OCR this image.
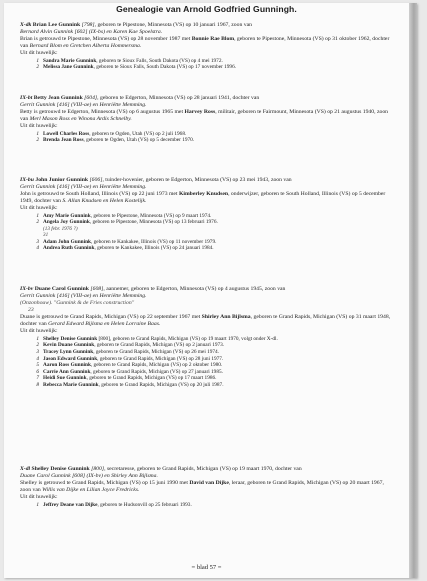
Genealogie van Arnold Godfried Gunningh.

X-dk Brian Lee Gunnink [798], geboren te Pipestone, Minnesota (VS) op 10 januari 1967, zoon van

Bernard Alvin Gunnink [602] (IX-bs) en Karen Kae Spoelstra.

Brian is getrouwd te Pipestone, Minnesota (VS) op 28 november 1987 met Bonnie Rae Blom, geboren te Pipestone, Minnesota (VS) op 31 oktober 1962, dochter van Bernard Blom en Gretchen Alberta Hommersma.

Uit dit huwelijk:

1 Sandra Marie Gunnink, geboren te Sioux Falls, South Dakota (VS) op 4 mei 1972.
2 Melissa Jane Gunnink, geboren te Sioux Falls, South Dakota (VS) op 17 november 1996.

IX-bt Betty Jean Gunnink [604], geboren te Edgerton, Minnesota (VS) op 28 januari 1941, dochter van

Gerrit Gunnink [416] (VIII-ae) en Henriëtte Memming.

Betty is getrouwd te Edgerton, Minnesota (VS) op 6 augustus 1965 met Harvey Ross, militair, geboren te Fairmount, Minnesota (VS) op 21 augustus 1940, zoon van Merl Mason Ross en Winona Ardis Schnelby.

Uit dit huwelijk:

1 Lowell Charles Ross, geboren te Ogden, Utah (VS) op 2 juli 1968.
2 Brenda Jean Ross, geboren te Ogden, Utah (VS) op 5 december 1970.

IX-bu John Junior Gunnink [606], tuinder-hovenier, geboren te Edgerton, Minnesota (VS) op 23 mei 1943, zoon van

Gerrit Gunnink [416] (VIII-ae) en Henriëtte Memming.

John is getrouwd te South Holland, Illinois (VS) op 22 juni 1973 met Kimberley Knudsen, onderwijzer, geboren te South Holland, Illinois (VS) op 5 december 1949, dochter van S. Allan Knudsen en Helen Kostelijk.

Uit dit huwelijk:

1 Amy Marie Gunnink, geboren te Pipestone, Minnesota (VS) op 9 maart 1974.
2 Angela Joy Gunnink, geboren te Pipestone, Minnesota (VS) op 13 februari 1976.
(13 febr. 1976 ?)
31
3 Adam John Gunnink, geboren te Kankakee, Illinois (VS) op 11 november 1979.
4 Andrea Ruth Gunnink, geboren te Kankakee, Illinois (VS) op 24 januari 1984.

IX-bv Duane Carol Gunnink [608], aannemer, geboren te Edgerton, Minnesota (VS) op 4 augustus 1945, zoon van

Gerrit Gunnink [416] (VIII-ae) en Henriëtte Memming.

(Onzonhouw). "Gunnink & de Fries construction"

23

Duane is getrouwd te Grand Rapids, Michigan (VS) op 22 september 1967 met Shirley Ann Bijlsma, geboren te Grand Rapids, Michigan (VS) op 31 maart 1948, dochter van Gerard Edward Bijlsma en Helen Lorraine Baas.

Uit dit huwelijk:

1 Shelley Denise Gunnink [800], geboren te Grand Rapids, Michigan (VS) op 19 maart 1970, volgt onder X-dl.
2 Kevin Duane Gunnink, geboren te Grand Rapids, Michigan (VS) op 2 januari 1973.
3 Tracey Lynn Gunnink, geboren te Grand Rapids, Michigan (VS) op 26 mei 1974.
4 Jason Edward Gunnink, geboren te Grand Rapids, Michigan (VS) op 28 juni 1977.
5 Aaron Ross Gunnink, geboren te Grand Rapids, Michigan (VS) op 2 oktober 1980.
6 Carrie Ann Gunnink, geboren te Grand Rapids, Michigan (VS) op 27 januari 1985.
7 Heidi Sue Gunnink, geboren te Grand Rapids, Michigan (VS) op 17 maart 1986.
8 Rebecca Marie Gunnink, geboren te Grand Rapids, Michigan (VS) op 20 juli 1987.

X-dl Shelley Denise Gunnink [800], secretaresse, geboren te Grand Rapids, Michigan (VS) op 19 maart 1970, dochter van

Duane Carol Gunnink [608] (IX-bv) en Shirley Ann Bijlsma.

Shelley is getrouwd te Grand Rapids, Michigan (VS) op 15 juni 1990 met David van Dijke, leraar, geboren te Grand Rapids, Michigan (VS) op 20 maart 1967, zoon van Willis van Dijke en Lilian Joyce Fredricks.

Uit dit huwelijk:

1 Jeffrey Deane van Dijke, geboren te Hudsonvill op 25 februari 1993.
= blad 57 =
